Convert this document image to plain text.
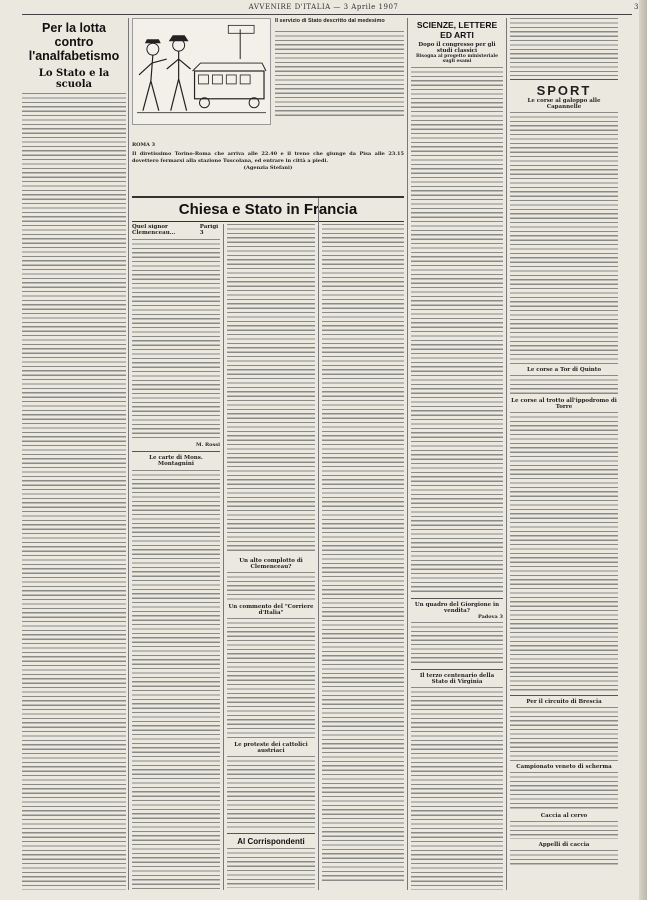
AVVENIRE D'ITALIA — 3 Aprile 1907	3
Per la lotta contro l'analfabetismo
Lo Stato e la scuola
Il servizio di Stato descritto dal medesimo
ROMA 3

Il diretissimo Torino-Roma che arriva alle 22.40 e il treno che giunge da Pisa alle 23.15 dovettero fermarsi alla stazione Tuscolana, ed entrare in città a piedi.

(Agenzia Stefani)
Chiesa e Stato in Francia
Quel signor Clemenceau...
Parigi 3
M. Rossi
Le carte di Mons. Montagnini
Un alto complotto di Clemenceau?
Un commento del "Corriere d'Italia"
Le proteste dei cattolici austriaci
Al Corrispondenti
SCIENZE, LETTERE ED ARTI
Dopo il congresso per gli studi classici
Bisogna al progetto ministeriale sugli esami
Un quadro del Giorgione in vendita?
Padova 3
Il terzo centenario della Stato di Virginia
SPORT
Le corse al galoppo alle Capannelle
Le corse a Tor di Quinto
Le corse al trotto all'ippodromo di Torre
Per il circuito di Brescia
Campionato veneto di scherma
Caccia al cervo
Appelli di caccia
